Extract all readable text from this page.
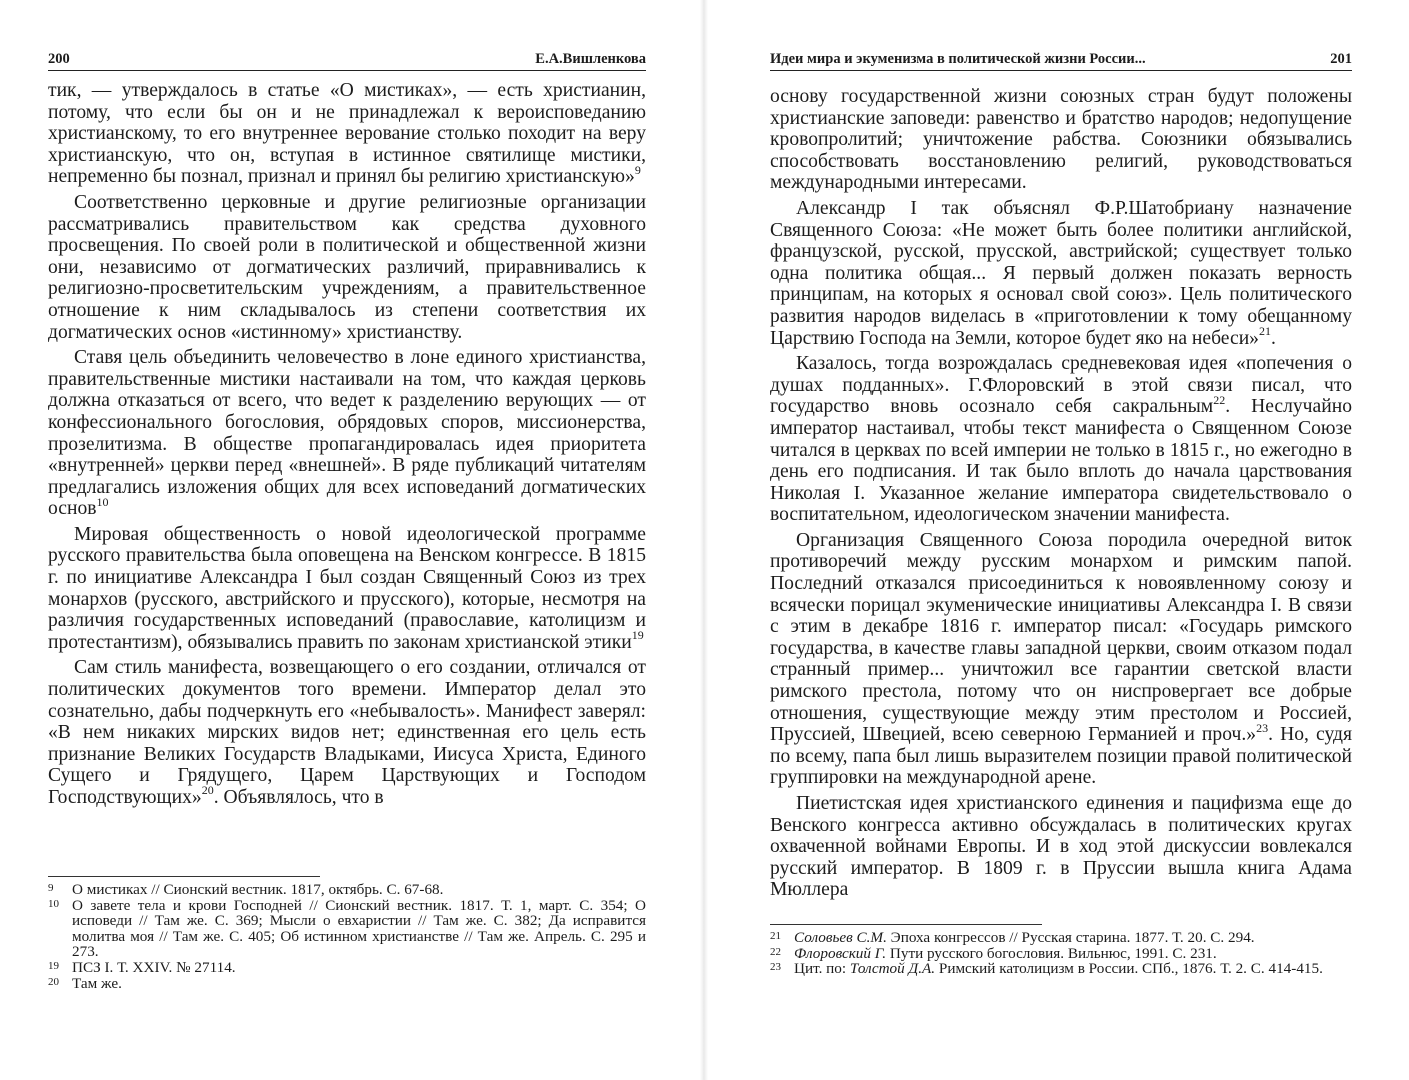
200	Е.А.Вишленкова

тик, — утверждалось в статье «О мистиках», — есть христианин, потому, что если бы он и не принадлежал к вероисповеданию христианскому, то его внутреннее верование столько походит на веру христианскую, что он, вступая в истинное святилище мистики, непременно бы познал, признал и принял бы религию христианскую»$^9$

Соответственно церковные и другие религиозные организации рассматривались правительством как средства духовного просвещения. По своей роли в политической и общественной жизни они, независимо от догматических различий, приравнивались к религиозно-просветительским учреждениям, а правительственное отношение к ним складывалось из степени соответствия их догматических основ «истинному» христианству.

Ставя цель объединить человечество в лоне единого христианства, правительственные мистики настаивали на том, что каждая церковь должна отказаться от всего, что ведет к разделению верующих — от конфессионального богословия, обрядовых споров, миссионерства, прозелитизма. В обществе пропагандировалась идея приоритета «внутренней» церкви перед «внешней». В ряде публикаций читателям предлагались изложения общих для всех исповеданий догматических основ$^{10}$

Мировая общественность о новой идеологической программе русского правительства была оповещена на Венском конгрессе. В 1815 г. по инициативе Александра I был создан Священный Союз из трех монархов (русского, австрийского и прусского), которые, несмотря на различия государственных исповеданий (православие, католицизм и протестантизм), обязывались править по законам христианской этики$^{19}$

Сам стиль манифеста, возвещающего о его создании, отличался от политических документов того времени. Император делал это сознательно, дабы подчеркнуть его «небывалость». Манифест заверял: «В нем никаких мирских видов нет; единственная его цель есть признание Великих Государств Владыками, Иисуса Христа, Единого Сущего и Грядущего, Царем Царствующих и Господом Господствующих»$^{20}$. Объявлялось, что в

9 О мистиках // Сионский вестник. 1817, октябрь. С. 67-68.
10 О завете тела и крови Господней // Сионский вестник. 1817. Т. 1, март. С. 354; О исповеди // Там же. С. 369; Мысли о евхаристии // Там же. С. 382; Да исправится молитва моя // Там же. С. 405; Об истинном христианстве // Там же. Апрель. С. 295 и 273.
19 ПСЗ I. Т. XXIV. № 27114.
20 Там же.
Идеи мира и экуменизма в политической жизни России...	201

основу государственной жизни союзных стран будут положены христианские заповеди: равенство и братство народов; недопущение кровопролитий; уничтожение рабства. Союзники обязывались способствовать восстановлению религий, руководствоваться международными интересами.

Александр I так объяснял Ф.Р.Шатобриану назначение Священного Союза: «Не может быть более политики английской, французской, русской, прусской, австрийской; существует только одна политика общая... Я первый должен показать верность принципам, на которых я основал свой союз». Цель политического развития народов виделась в «приготовлении к тому обещанному Царствию Господа на Земли, которое будет яко на небеси»$^{21}$.

Казалось, тогда возрождалась средневековая идея «попечения о душах подданных». Г.Флоровский в этой связи писал, что государство вновь осознало себя сакральным$^{22}$. Неслучайно император настаивал, чтобы текст манифеста о Священном Союзе читался в церквах по всей империи не только в 1815 г., но ежегодно в день его подписания. И так было вплоть до начала царствования Николая I. Указанное желание императора свидетельствовало о воспитательном, идеологическом значении манифеста.

Организация Священного Союза породила очередной виток противоречий между русским монархом и римским папой. Последний отказался присоединиться к новоявленному союзу и всячески порицал экуменические инициативы Александра I. В связи с этим в декабре 1816 г. император писал: «Государь римского государства, в качестве главы западной церкви, своим отказом подал странный пример... уничтожил все гарантии светской власти римского престола, потому что он ниспровергает все добрые отношения, существующие между этим престолом и Россией, Пруссией, Швецией, всею северною Германией и проч.»$^{23}$. Но, судя по всему, папа был лишь выразителем позиции правой политической группировки на международной арене.

Пиетистская идея христианского единения и пацифизма еще до Венского конгресса активно обсуждалась в политических кругах охваченной войнами Европы. И в ход этой дискуссии вовлекался русский император. В 1809 г. в Пруссии вышла книга Адама Мюллера

21 Соловьев С.М. Эпоха конгрессов // Русская старина. 1877. Т. 20. С. 294.
22 Флоровский Г. Пути русского богословия. Вильнюс, 1991. С. 231.
23 Цит. по: Толстой Д.А. Римский католицизм в России. СПб., 1876. Т. 2. С. 414-415.
